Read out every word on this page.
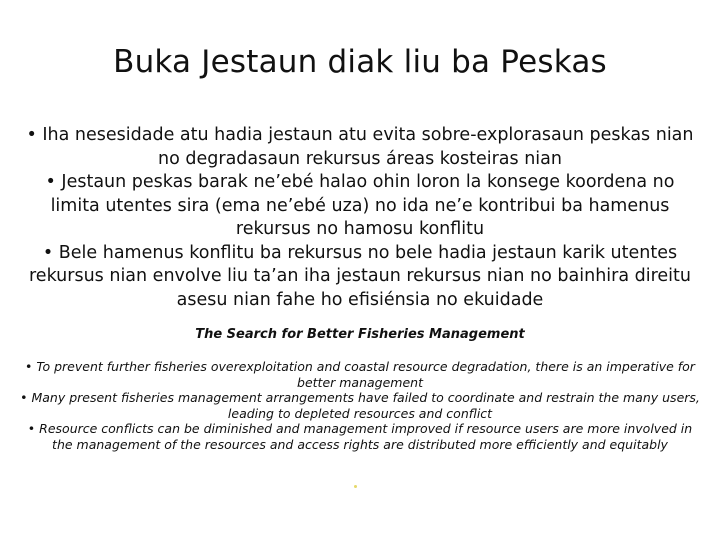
Buka Jestaun diak liu ba Peskas
• Iha nesesidade atu hadia jestaun atu evita sobre-explorasaun peskas nian no degradasaun rekursus áreas kosteiras nian
• Jestaun peskas barak ne’ebé halao ohin loron la konsege koordena no limita utentes sira (ema ne’ebé uza) no ida ne’e kontribui ba hamenus rekursus no hamosu konflitu
• Bele hamenus konflitu ba rekursus no bele hadia jestaun karik utentes rekursus nian envolve liu ta’an iha jestaun rekursus nian no bainhira direitu asesu nian fahe ho efisiénsia no ekuidade

The Search for Better Fisheries Management

• To prevent further fisheries overexploitation and coastal resource degradation, there is an imperative for better management
• Many present fisheries management arrangements have failed to coordinate and restrain the many users, leading to depleted resources and conflict
• Resource conflicts can be diminished and management improved if resource users are more involved in the management of the resources and access rights are distributed more efficiently and equitably
